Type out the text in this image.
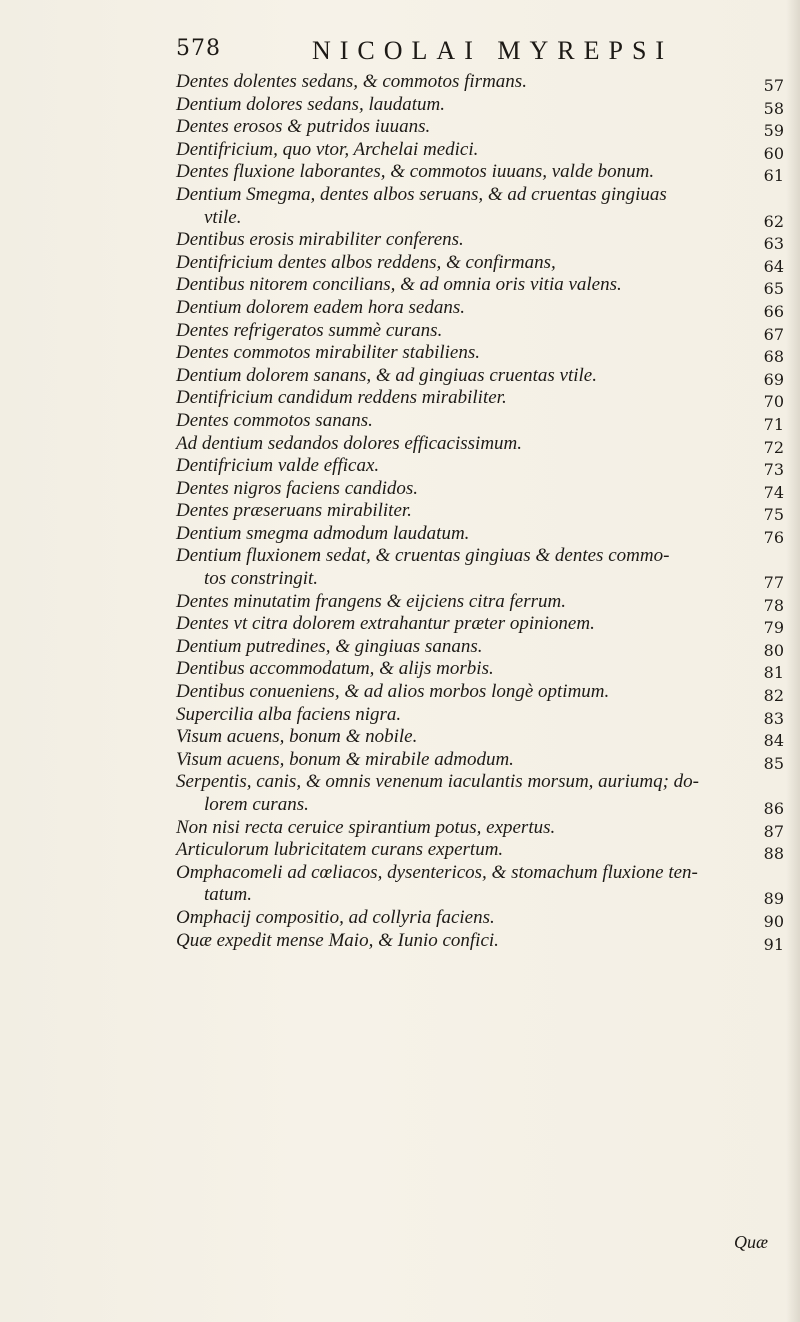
578	NICOLAI MYREPSI
Dentes dolentes sedans, & commotos firmans.	57
Dentium dolores sedans, laudatum.	58
Dentes erosos & putridos iuuans.	59
Dentifricium, quo vtor, Archelai medici.	60
Dentes fluxione laborantes, & commotos iuuans, valde bonum.	61
Dentium Smegma, dentes albos seruans, & ad cruentas gingiuas
vtile.	62
Dentibus erosis mirabiliter conferens.	63
Dentifricium dentes albos reddens, & confirmans,	64
Dentibus nitorem concilians, & ad omnia oris vitia valens.	65
Dentium dolorem eadem hora sedans.	66
Dentes refrigeratos summè curans.	67
Dentes commotos mirabiliter stabiliens.	68
Dentium dolorem sanans, & ad gingiuas cruentas vtile.	69
Dentifricium candidum reddens mirabiliter.	70
Dentes commotos sanans.	71
Ad dentium sedandos dolores efficacissimum.	72
Dentifricium valde efficax.	73
Dentes nigros faciens candidos.	74
Dentes præseruans mirabiliter.	75
Dentium smegma admodum laudatum.	76
Dentium fluxionem sedat, & cruentas gingiuas & dentes commo-
tos constringit.	77
Dentes minutatim frangens & eijciens citra ferrum.	78
Dentes vt citra dolorem extrahantur præter opinionem.	79
Dentium putredines, & gingiuas sanans.	80
Dentibus accommodatum, & alijs morbis.	81
Dentibus conueniens, & ad alios morbos longè optimum.	82
Supercilia alba faciens nigra.	83
Visum acuens, bonum & nobile.	84
Visum acuens, bonum & mirabile admodum.	85
Serpentis, canis, & omnis venenum iaculantis morsum, auriumq; do-
lorem curans.	86
Non nisi recta ceruice spirantium potus, expertus.	87
Articulorum lubricitatem curans expertum.	88
Omphacomeli ad cœliacos, dysentericos, & stomachum fluxione ten-
tatum.	89
Omphacij compositio, ad collyria faciens.	90
Quæ expedit mense Maio, & Iunio confici.	91
Quæ
